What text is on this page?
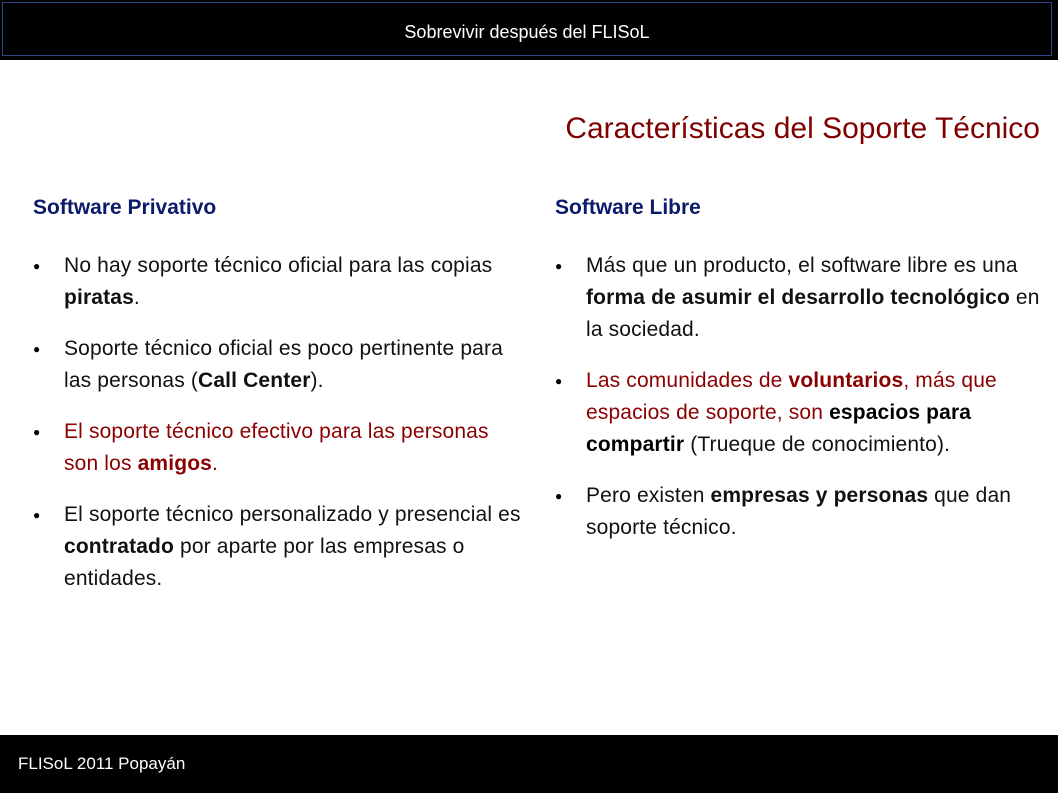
Sobrevivir después del FLISoL
Características del Soporte Técnico
Software Privativo
● No hay soporte técnico oficial para las copias piratas.
● Soporte técnico oficial es poco pertinente para las personas (Call Center).
● El soporte técnico efectivo para las personas son los amigos.
● El soporte técnico personalizado y presencial es contratado por aparte por las empresas o entidades.
Software Libre
● Más que un producto, el software libre es una forma de asumir el desarrollo tecnológico en la sociedad.
● Las comunidades de voluntarios, más que espacios de soporte, son espacios para compartir (Trueque de conocimiento).
● Pero existen empresas y personas que dan soporte técnico.
FLISoL 2011 Popayán
